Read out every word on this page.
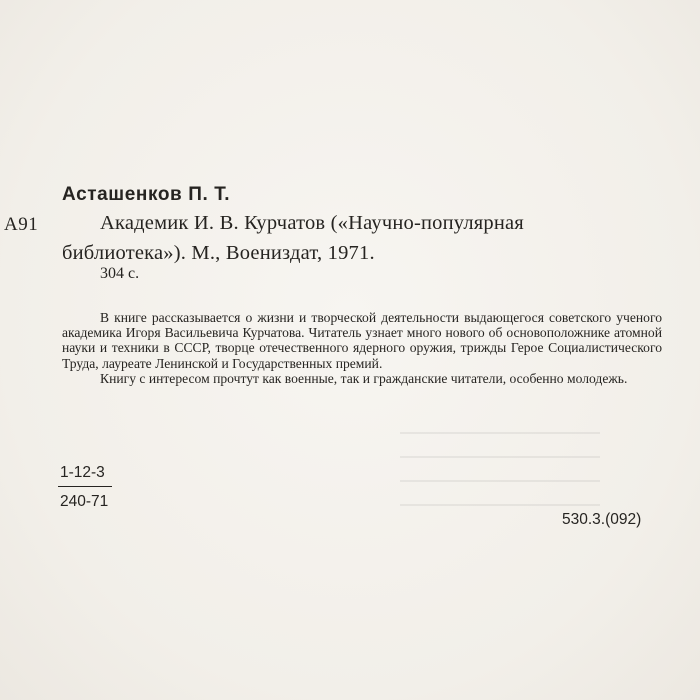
Асташенков П. Т.
А91	Академик И. В. Курчатов («Научно-популярная
библиотека»). М., Воениздат, 1971.
304 с.

В книге рассказывается о жизни и творческой деятельности выдающегося советского ученого академика Игоря Васильевича Курчатова. Читатель узнает много нового об основоположнике атомной науки и техники в СССР, творце отечественного ядерного оружия, трижды Герое Социалистического Труда, лауреате Ленинской и Государственных премий.

Книгу с интересом прочтут как военные, так и гражданские читатели, особенно молодежь.

1-12-3
240-71
530.3.(092)
